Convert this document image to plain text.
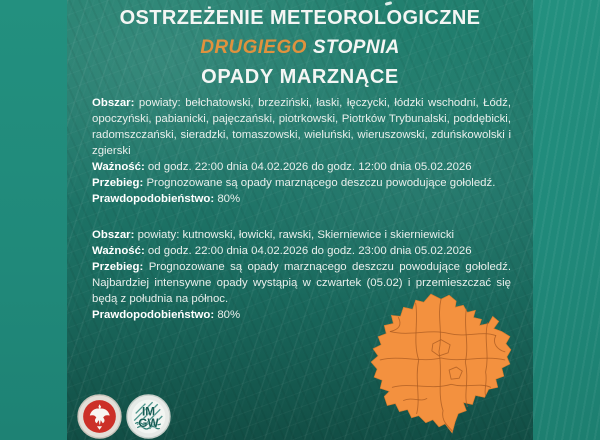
OSTRZEŻENIE METEOROLOGICZNE
DRUGIEGO STOPNIA
OPADY MARZNĄCE

Obszar: powiaty: bełchatowski, brzeziński, łaski, łęczycki, łódzki wschodni, Łódź, opoczyński, pabianicki, pajęczański, piotrkowski, Piotrków Trybunalski, poddębicki, radomszczański, sieradzki, tomaszowski, wieluński, wieruszowski, zduńskowolski i zgierski

Ważność: od godz. 22:00 dnia 04.02.2026 do godz. 12:00 dnia 05.02.2026

Przebieg: Prognozowane są opady marznącego deszczu powodujące gołoledź.

Prawdopodobieństwo: 80%

Obszar: powiaty: kutnowski, łowicki, rawski, Skierniewice i skierniewicki

Ważność: od godz. 22:00 dnia 04.02.2026 do godz. 23:00 dnia 05.02.2026

Przebieg: Prognozowane są opady marznącego deszczu powodujące gołoledź. Najbardziej intensywne opady wystąpią w czwartek (05.02) i przemieszczać się będą z południa na północ.

Prawdopodobieństwo: 80%

IM
GW
